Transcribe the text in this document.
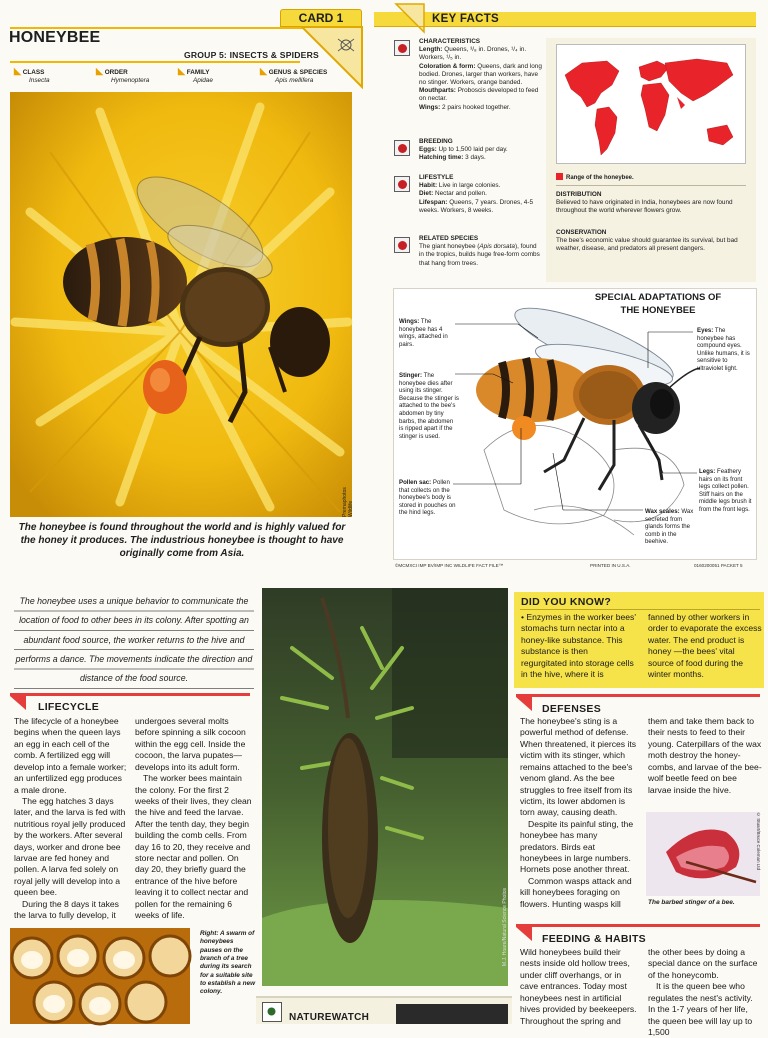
CARD 1
HONEYBEE
GROUP 5: INSECTS & SPIDERS
◣ CLASS
Insecta
◣ ORDER
Hymenoptera
◣ FAMILY
Apidae
◣ GENUS & SPECIES
Apis mellifera
Premaphotos Wildlife
The honeybee is found throughout the world and is highly valued for the honey it produces. The industrious honeybee is thought to have originally come from Asia.
KEY FACTS
CHARACTERISTICS
Length: Queens, ³/₈ in. Drones, ¹/₄ in. Workers, ¹/₅ in.
Coloration & form: Queens, dark and long bodied. Drones, larger than workers, have no stinger. Workers, orange banded.
Mouthparts: Proboscis developed to feed on nectar.
Wings: 2 pairs hooked together.
BREEDING
Eggs: Up to 1,500 laid per day.
Hatching time: 3 days.
LIFESTYLE
Habit: Live in large colonies.
Diet: Nectar and pollen.
Lifespan: Queens, 7 years. Drones, 4-5 weeks. Workers, 8 weeks.
RELATED SPECIES
The giant honeybee (Apis dorsata), found in the tropics, builds huge free-form combs that hang from trees.
Range of the honeybee.
DISTRIBUTION
Believed to have originated in India, honeybees are now found throughout the world wherever flowers grow.
CONSERVATION
The bee's economic value should guarantee its survival, but bad weather, disease, and predators all present dangers.
SPECIAL ADAPTATIONS OF THE HONEYBEE
Wings: The honeybee has 4 wings, attached in pairs.
Stinger: The honeybee dies after using its stinger. Because the stinger is attached to the bee's abdomen by tiny barbs, the abdomen is ripped apart if the stinger is used.
Pollen sac: Pollen that collects on the honeybee's body is stored in pouches on the hind legs.
Eyes: The honeybee has compound eyes. Unlike humans, it is sensitive to ultraviolet light.
Legs: Feathery hairs on its front legs collect pollen. Stiff hairs on the middle legs brush it from the front legs.
Wax scales: Wax secreted from glands forms the comb in the beehive.
©MCMXCI IMP BV/IMP INC WILDLIFE FACT FILE™	PRINTED IN U.S.A.	0160200051 PACKET 5
The honeybee uses a unique behavior to communicate the location of food to other bees in its colony. After spotting an abundant food source, the worker returns to the hive and performs a dance. The movements indicate the direction and distance of the food source.
LIFECYCLE

The lifecycle of a honeybee begins when the queen lays an egg in each cell of the comb. A fertilized egg will develop into a female worker; an unfertilized egg produces a male drone.

The egg hatches 3 days later, and the larva is fed with nutritious royal jelly produced by the workers. After several days, worker and drone bee larvae are fed honey and pollen. A larva fed solely on royal jelly will develop into a queen bee.

During the 8 days it takes the larva to fully develop, it

undergoes several molts before spinning a silk cocoon within the egg cell. Inside the cocoon, the larva pupates—develops into its adult form.

The worker bees maintain the colony. For the first 2 weeks of their lives, they clean the hive and feed the larvae. After the tenth day, they begin building the comb cells. From day 16 to 20, they receive and store nectar and pollen. On day 20, they briefly guard the entrance of the hive before leaving it to collect nectar and pollen for the remaining 6 weeks of life.

Right: A swarm of honeybees pauses on the branch of a tree during its search for a suitable site to establish a new colony.
M.J. Hoare/Natural Science Photos
NATUREWATCH
DID YOU KNOW?
• Enzymes in the worker bees' stomachs turn nectar into a honey-like substance. This substance is then regurgitated into storage cells in the hive, where it is
fanned by other workers in order to evaporate the excess water. The end product is honey —the bees' vital source of food during the winter months.
DEFENSES

The honeybee's sting is a powerful method of defense. When threatened, it pierces its victim with its stinger, which remains attached to the bee's venom gland. As the bee struggles to free itself from its victim, its lower abdomen is torn away, causing death.

Despite its painful sting, the honeybee has many predators. Birds eat honeybees in large numbers. Hornets pose another threat.

Common wasps attack and kill honeybees foraging on flowers. Hunting wasps kill

them and take them back to their nests to feed to their young. Caterpillars of the wax moth destroy the honey-combs, and larvae of the bee-wolf beetle feed on bee larvae inside the hive.
© Stuart/Bruce Coleman Ltd
The barbed stinger of a bee.
FEEDING & HABITS
Wild honeybees build their nests inside old hollow trees, under cliff overhangs, or in cave entrances. Today most honeybees nest in artificial hives provided by beekeepers. Throughout the spring and

the other bees by doing a special dance on the surface of the honeycomb.

It is the queen bee who regulates the nest's activity. In the 1-7 years of her life, the queen bee will lay up to 1,500
